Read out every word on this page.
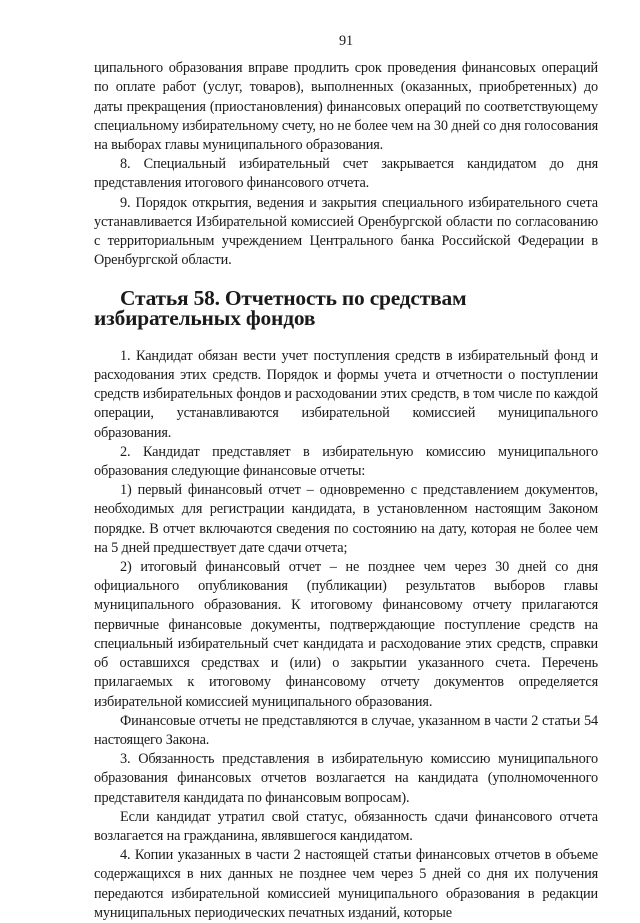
91

ципального образования вправе продлить срок проведения финансовых операций по оплате работ (услуг, товаров), выполненных (оказанных, приобретенных) до даты прекращения (приостановления) финансовых операций по соответствующему специальному избирательному счету, но не более чем на 30 дней со дня голосования на выборах главы муниципального образования.

8. Специальный избирательный счет закрывается кандидатом до дня представления итогового финансового отчета.

9. Порядок открытия, ведения и закрытия специального избирательного счета устанавливается Избирательной комиссией Оренбургской области по согласованию с территориальным учреждением Центрального банка Российской Федерации в Оренбургской области.

Статья 58. Отчетность по средствам избирательных фондов

1. Кандидат обязан вести учет поступления средств в избирательный фонд и расходования этих средств. Порядок и формы учета и отчетности о поступлении средств избирательных фондов и расходовании этих средств, в том числе по каждой операции, устанавливаются избирательной комиссией муниципального образования.

2. Кандидат представляет в избирательную комиссию муниципального образования следующие финансовые отчеты:

1) первый финансовый отчет – одновременно с представлением документов, необходимых для регистрации кандидата, в установленном настоящим Законом порядке. В отчет включаются сведения по состоянию на дату, которая не более чем на 5 дней предшествует дате сдачи отчета;

2) итоговый финансовый отчет – не позднее чем через 30 дней со дня официального опубликования (публикации) результатов выборов главы муниципального образования. К итоговому финансовому отчету прилагаются первичные финансовые документы, подтверждающие поступление средств на специальный избирательный счет кандидата и расходование этих средств, справки об оставшихся средствах и (или) о закрытии указанного счета. Перечень прилагаемых к итоговому финансовому отчету документов определяется избирательной комиссией муниципального образования.

Финансовые отчеты не представляются в случае, указанном в части 2 статьи 54 настоящего Закона.

3. Обязанность представления в избирательную комиссию муниципального образования финансовых отчетов возлагается на кандидата (уполномоченного представителя кандидата по финансовым вопросам).

Если кандидат утратил свой статус, обязанность сдачи финансового отчета возлагается на гражданина, являвшегося кандидатом.

4. Копии указанных в части 2 настоящей статьи финансовых отчетов в объеме содержащихся в них данных не позднее чем через 5 дней со дня их получения передаются избирательной комиссией муниципального образования в редакции муниципальных периодических печатных изданий, которые
